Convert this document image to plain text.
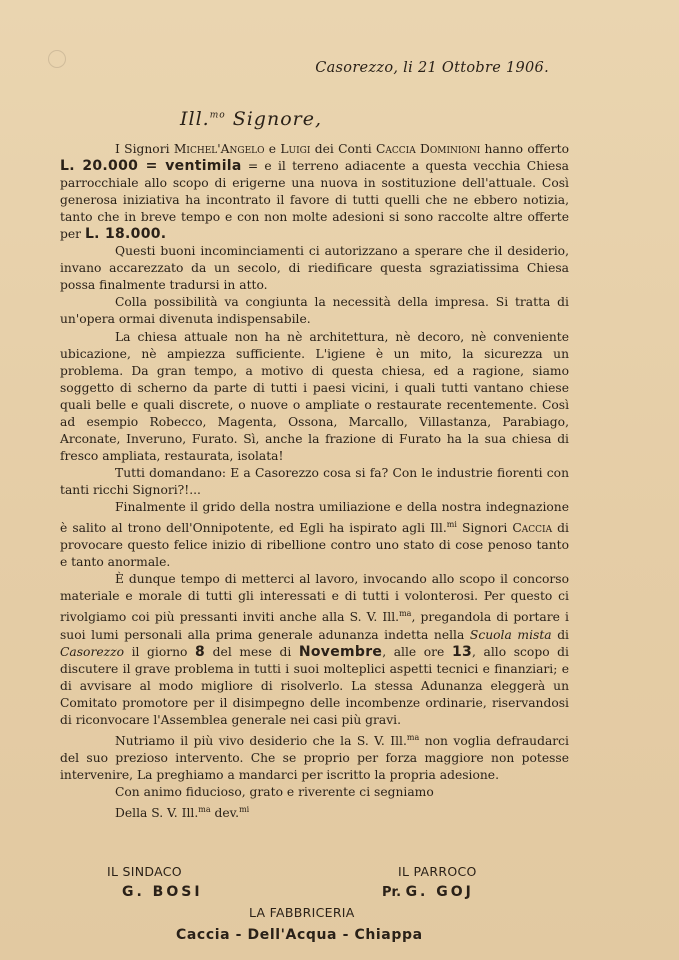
Casorezzo, li 21 Ottobre 1906.
Ill.$^{mo}$ Signore,

I Signori Michel'Angelo e Luigi dei Conti Caccia Dominioni hanno offerto L. 20.000 = ventimila = e il terreno adiacente a questa vecchia Chiesa parrocchiale allo scopo di erigerne una nuova in sostituzione dell'attuale. Così generosa iniziativa ha incontrato il favore di tutti quelli che ne ebbero notizia, tanto che in breve tempo e con non molte adesioni si sono raccolte altre offerte per L. 18.000.

Questi buoni incominciamenti ci autorizzano a sperare che il desiderio, invano accarezzato da un secolo, di riedificare questa sgraziatissima Chiesa possa finalmente tradursi in atto.

Colla possibilità va congiunta la necessità della impresa. Si tratta di un'opera ormai divenuta indispensabile.

La chiesa attuale non ha nè architettura, nè decoro, nè conveniente ubicazione, nè ampiezza sufficiente. L'igiene è un mito, la sicurezza un problema. Da gran tempo, a motivo di questa chiesa, ed a ragione, siamo soggetto di scherno da parte di tutti i paesi vicini, i quali tutti vantano chiese quali belle e quali discrete, o nuove o ampliate o restaurate recentemente. Così ad esempio Robecco, Magenta, Ossona, Marcallo, Villastanza, Parabiago, Arconate, Inveruno, Furato. Sì, anche la frazione di Furato ha la sua chiesa di fresco ampliata, restaurata, isolata!

Tutti domandano: E a Casorezzo cosa si fa? Con le industrie fiorenti con tanti ricchi Signori?!...

Finalmente il grido della nostra umiliazione e della nostra indegnazione è salito al trono dell'Onnipotente, ed Egli ha ispirato agli Ill.$^{mi}$ Signori Caccia di provocare questo felice inizio di ribellione contro uno stato di cose penoso tanto e tanto anormale.

È dunque tempo di metterci al lavoro, invocando allo scopo il concorso materiale e morale di tutti gli interessati e di tutti i volonterosi. Per questo ci rivolgiamo coi più pressanti inviti anche alla S. V. Ill.$^{ma}$, pregandola di portare i suoi lumi personali alla prima generale adunanza indetta nella Scuola mista di Casorezzo il giorno 8 del mese di Novembre, alle ore 13, allo scopo di discutere il grave problema in tutti i suoi molteplici aspetti tecnici e finanziari; e di avvisare al modo migliore di risolverlo. La stessa Adunanza eleggerà un Comitato promotore per il disimpegno delle incombenze ordinarie, riservandosi di riconvocare l'Assemblea generale nei casi più gravi.

Nutriamo il più vivo desiderio che la S. V. Ill.$^{ma}$ non voglia defraudarci del suo prezioso intervento. Che se proprio per forza maggiore non potesse intervenire, La preghiamo a mandarci per iscritto la propria adesione.

Con animo fiducioso, grato e riverente ci segniamo

Della S. V. Ill.$^{ma}$ dev.$^{mi}$

IL SINDACO
G. BOSI
IL PARROCO
Pr. G. GOJ
LA FABBRICERIA
Caccia - Dell'Acqua - Chiappa
